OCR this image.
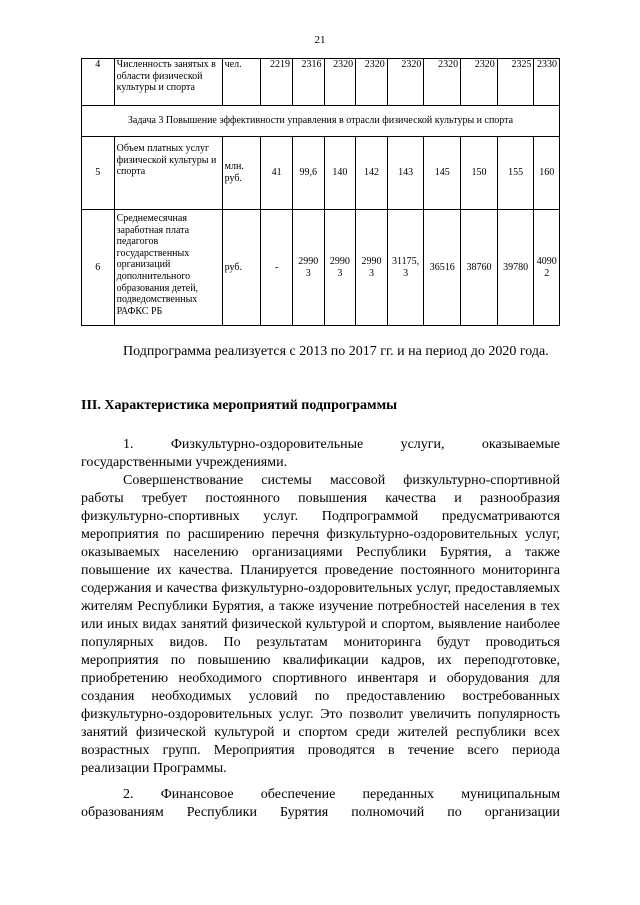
21
4	Численность занятых в области физической культуры и спорта	чел.	2219	2316	2320	2320	2320	2320	2320	2325	2330
Задача 3 Повышение эффективности управления в отрасли физической культуры и спорта											
5	Объем платных услуг физической культуры и спорта	млн. руб.	41	99,6	140	142	143	145	150	155	160
6	Среднемесячная заработная плата педагогов государственных организаций дополнительного образования детей, подведомственных РАФКС РБ	руб.	-	2990 3	2990 3	2990 3	31175, 3	36516	38760	39780	4090 2
Подпрограмма реализуется с 2013 по 2017 гг. и на период до 2020 года.
III. Характеристика мероприятий подпрограммы
1.	Физкультурно-оздоровительные	услуги,	оказываемые
государственными учреждениями.
Совершенствование системы массовой физкультурно-спортивной работы требует постоянного повышения качества и разнообразия физкультурно-спортивных услуг. Подпрограммой предусматриваются мероприятия по расширению перечня физкультурно-оздоровительных услуг, оказываемых населению организациями Республики Бурятия, а также повышение их качества. Планируется проведение постоянного мониторинга содержания и качества физкультурно-оздоровительных услуг, предоставляемых жителям Республики Бурятия, а также изучение потребностей населения в тех или иных видах занятий физической культурой и спортом, выявление наиболее популярных видов. По результатам мониторинга будут проводиться мероприятия по повышению квалификации кадров, их переподготовке, приобретению необходимого спортивного инвентаря и оборудования для создания необходимых условий по предоставлению востребованных физкультурно-оздоровительных услуг. Это позволит увеличить популярность занятий физической культурой и спортом среди жителей республики всех возрастных групп. Мероприятия проводятся в течение всего периода реализации Программы.
2. Финансовое обеспечение переданных муниципальным
образованиям Республики Бурятия полномочий по организации
